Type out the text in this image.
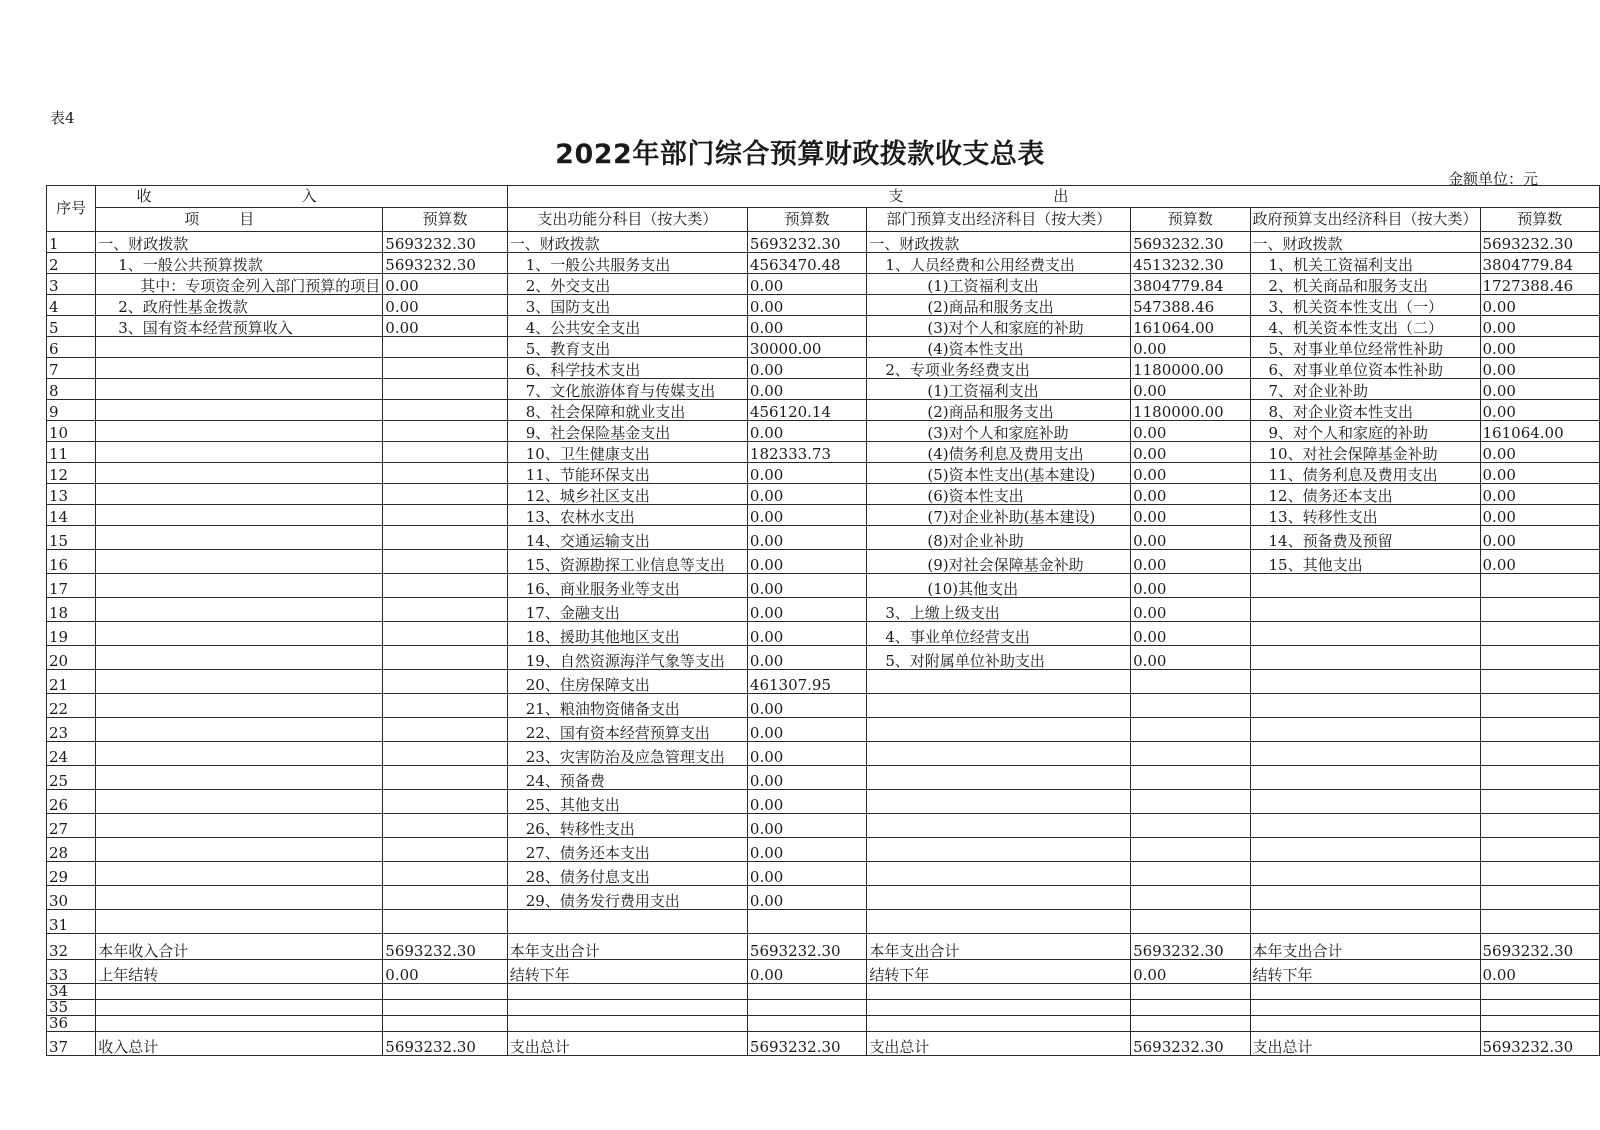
表4
2022年部门综合预算财政拨款收支总表
金额单位：元
序号	收入		支出					
	项目	预算数	支出功能分科目（按大类）	预算数	部门预算支出经济科目（按大类）	预算数	政府预算支出经济科目（按大类）	预算数
1	一、财政拨款	5693232.30	一、财政拨款	5693232.30	一、财政拨款	5693232.30	一、财政拨款	5693232.30
2	1、一般公共预算拨款	5693232.30	1、一般公共服务支出	4563470.48	1、人员经费和公用经费支出	4513232.30	1、机关工资福利支出	3804779.84
3	其中：专项资金列入部门预算的项目	0.00	2、外交支出	0.00	(1)工资福利支出	3804779.84	2、机关商品和服务支出	1727388.46
4	2、政府性基金拨款	0.00	3、国防支出	0.00	(2)商品和服务支出	547388.46	3、机关资本性支出（一）	0.00
5	3、国有资本经营预算收入	0.00	4、公共安全支出	0.00	(3)对个人和家庭的补助	161064.00	4、机关资本性支出（二）	0.00
6			5、教育支出	30000.00	(4)资本性支出	0.00	5、对事业单位经常性补助	0.00
7			6、科学技术支出	0.00	2、专项业务经费支出	1180000.00	6、对事业单位资本性补助	0.00
8			7、文化旅游体育与传媒支出	0.00	(1)工资福利支出	0.00	7、对企业补助	0.00
9			8、社会保障和就业支出	456120.14	(2)商品和服务支出	1180000.00	8、对企业资本性支出	0.00
10			9、社会保险基金支出	0.00	(3)对个人和家庭补助	0.00	9、对个人和家庭的补助	161064.00
11			10、卫生健康支出	182333.73	(4)债务利息及费用支出	0.00	10、对社会保障基金补助	0.00
12			11、节能环保支出	0.00	(5)资本性支出(基本建设)	0.00	11、债务利息及费用支出	0.00
13			12、城乡社区支出	0.00	(6)资本性支出	0.00	12、债务还本支出	0.00
14			13、农林水支出	0.00	(7)对企业补助(基本建设)	0.00	13、转移性支出	0.00
15			14、交通运输支出	0.00	(8)对企业补助	0.00	14、预备费及预留	0.00
16			15、资源勘探工业信息等支出	0.00	(9)对社会保障基金补助	0.00	15、其他支出	0.00
17			16、商业服务业等支出	0.00	(10)其他支出	0.00		
18			17、金融支出	0.00	3、上缴上级支出	0.00		
19			18、援助其他地区支出	0.00	4、事业单位经营支出	0.00		
20			19、自然资源海洋气象等支出	0.00	5、对附属单位补助支出	0.00		
21			20、住房保障支出	461307.95				
22			21、粮油物资储备支出	0.00				
23			22、国有资本经营预算支出	0.00				
24			23、灾害防治及应急管理支出	0.00				
25			24、预备费	0.00				
26			25、其他支出	0.00				
27			26、转移性支出	0.00				
28			27、债务还本支出	0.00				
29			28、债务付息支出	0.00				
30			29、债务发行费用支出	0.00				
31								
32	本年收入合计	5693232.30	本年支出合计	5693232.30	本年支出合计	5693232.30	本年支出合计	5693232.30
33	上年结转	0.00	结转下年	0.00	结转下年	0.00	结转下年	0.00
34								
35								
36								
37	收入总计	5693232.30	支出总计	5693232.30	支出总计	5693232.30	支出总计	5693232.30
